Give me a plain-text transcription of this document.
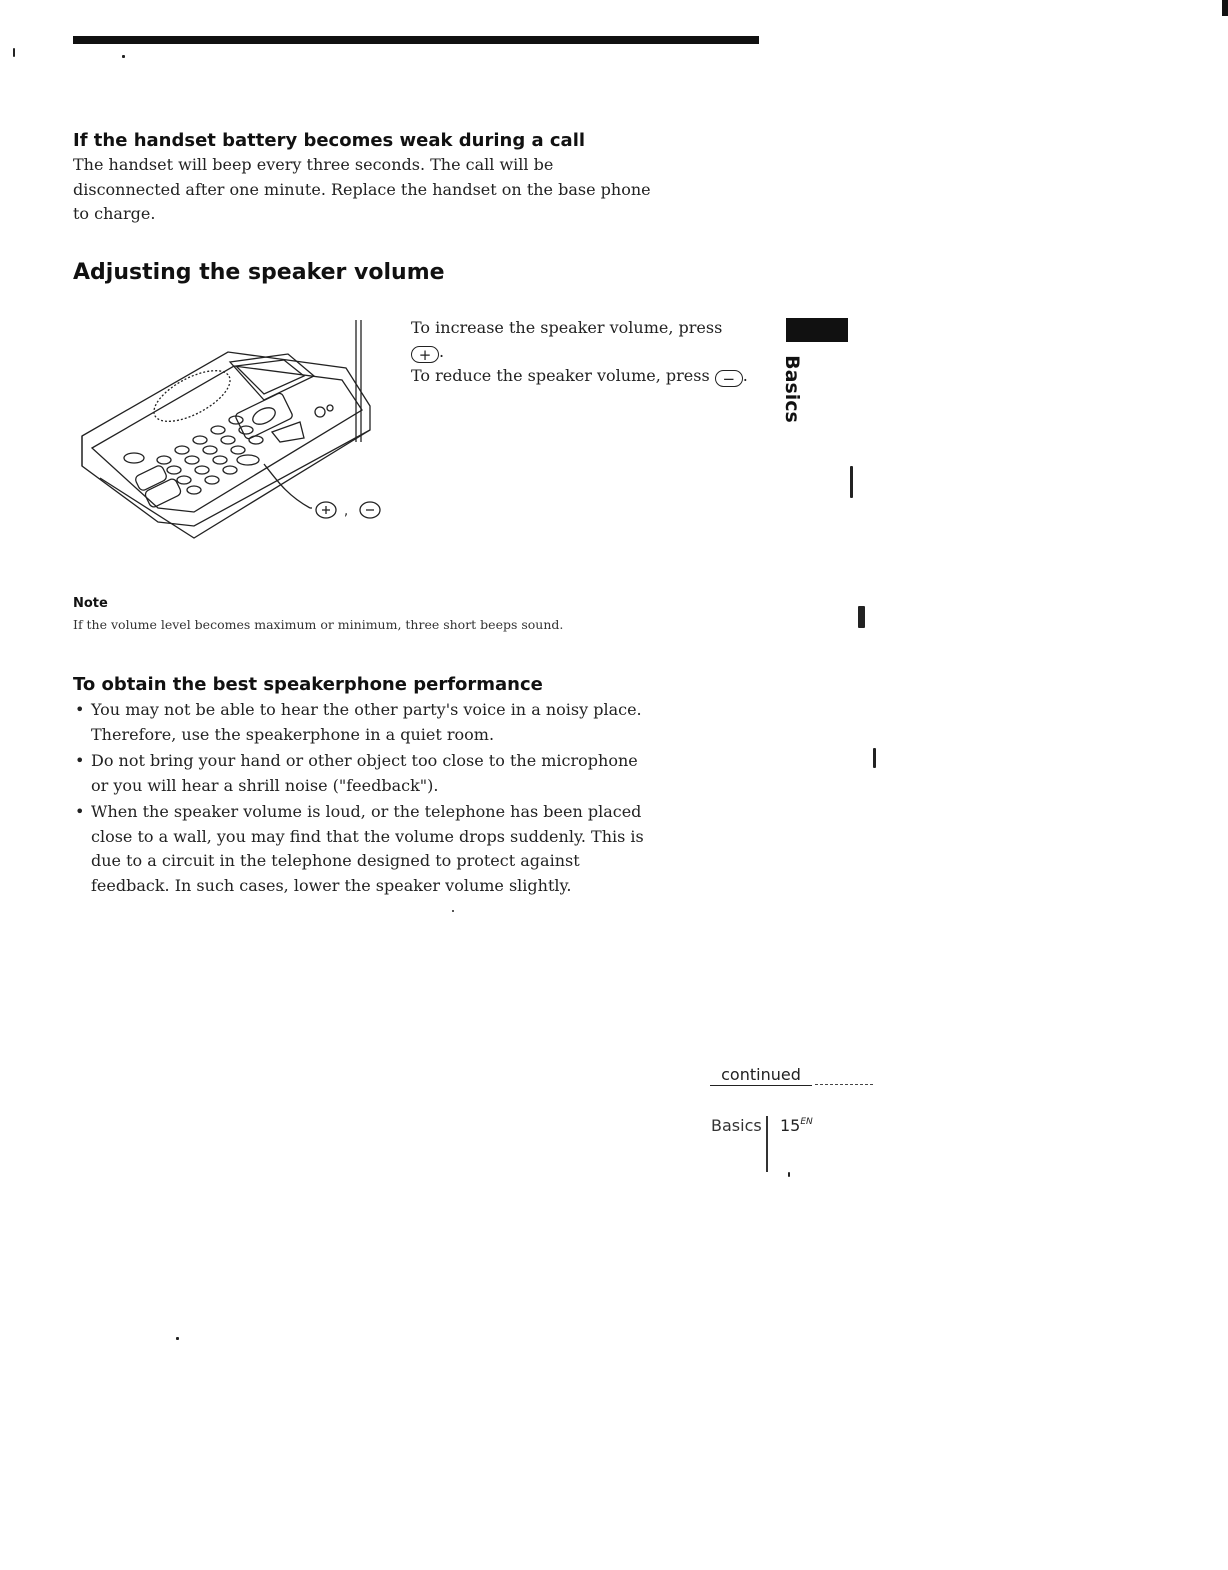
If the handset battery becomes weak during a call

The handset will beep every three seconds. The call will be disconnected after one minute. Replace the handset on the base phone to charge.

Adjusting the speaker volume
,

To increase the speaker volume, press
+ .

To reduce the speaker volume, press − .	Basics
Note
If the volume level becomes maximum or minimum, three short beeps sound.
To obtain the best speakerphone performance
• You may not be able to hear the other party's voice in a noisy place. Therefore, use the speakerphone in a quiet room.
• Do not bring your hand or other object too close to the microphone or you will hear a shrill noise ("feedback").
• When the speaker volume is loud, or the telephone has been placed close to a wall, you may find that the volume drops suddenly. This is due to a circuit in the telephone designed to protect against feedback. In such cases, lower the speaker volume slightly.
continued
Basics $15^{EN}$
